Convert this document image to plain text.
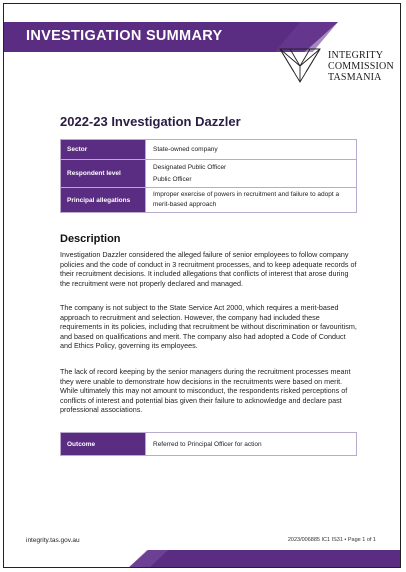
INVESTIGATION SUMMARY
INTEGRITY
COMMISSION
TASMANIA
2022-23 Investigation Dazzler
Sector	State-owned company
Respondent level	Designated Public Officer
Public Officer

Principal allegations	Improper exercise of powers in recruitment and failure to adopt a merit-based approach
Description

Investigation Dazzler considered the alleged failure of senior employees to follow company policies and the code of conduct in 3 recruitment processes, and to keep adequate records of their recruitment decisions. It included allegations that conflicts of interest that arose during the recruitment were not properly declared and managed.

The company is not subject to the State Service Act 2000, which requires a merit-based approach to recruitment and selection. However, the company had included these requirements in its policies, including that recruitment be without discrimination or favouritism, and based on qualifications and merit. The company also had adopted a Code of Conduct and Ethics Policy, governing its employees.

The lack of record keeping by the senior managers during the recruitment processes meant they were unable to demonstrate how decisions in the recruitments were based on merit. While ultimately this may not amount to misconduct, the respondents risked perceptions of conflicts of interest and potential bias given their failure to acknowledge and declare past professional associations.

Outcome	Referred to Principal Officer for action
integrity.tas.gov.au	2023/006885 IC1 IS31 • Page 1 of 1
